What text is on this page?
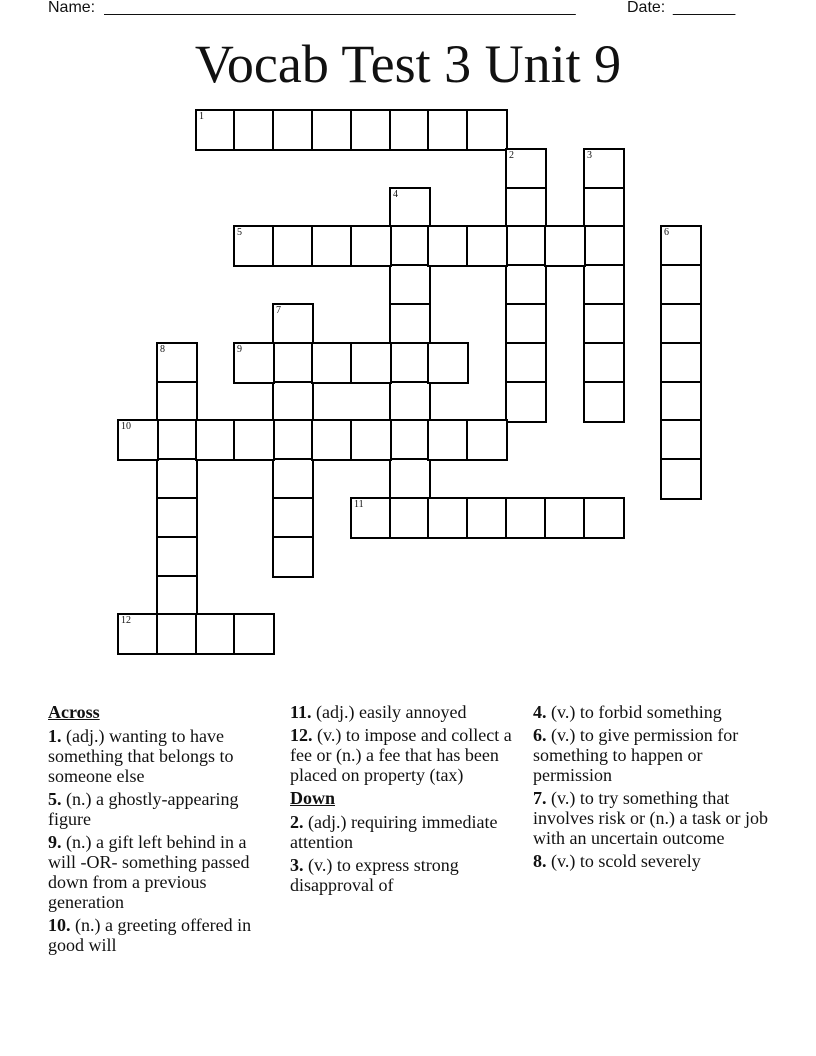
Name: _____________________________________________________	Date: _______
Vocab Test 3 Unit 9
1
2	3
4
5	6
7
8	9
10
11
12
Across
1. (adj.) wanting to have something that belongs to someone else
5. (n.) a ghostly-appearing figure
9. (n.) a gift left behind in a will -OR- something passed down from a previous generation
10. (n.) a greeting offered in good will
11. (adj.) easily annoyed
12. (v.) to impose and collect a fee or (n.) a fee that has been placed on property (tax)
Down
2. (adj.) requiring immediate attention
3. (v.) to express strong disapproval of
4. (v.) to forbid something
6. (v.) to give permission for something to happen or permission
7. (v.) to try something that involves risk or (n.) a task or job with an uncertain outcome
8. (v.) to scold severely
